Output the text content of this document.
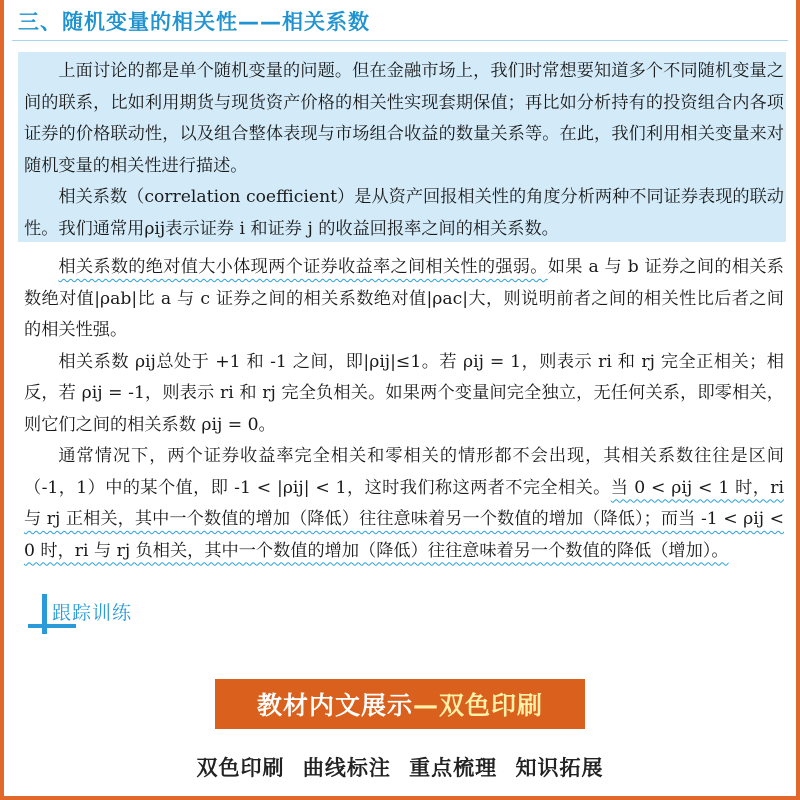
三、随机变量的相关性——相关系数

上面讨论的都是单个随机变量的问题。但在金融市场上，我们时常想要知道多个不同随机变量之间的联系，比如利用期货与现货资产价格的相关性实现套期保值；再比如分析持有的投资组合内各项证券的价格联动性，以及组合整体表现与市场组合收益的数量关系等。在此，我们利用相关变量来对随机变量的相关性进行描述。

相关系数（correlation coefficient）是从资产回报相关性的角度分析两种不同证券表现的联动性。我们通常用ρij表示证券 i 和证券 j 的收益回报率之间的相关系数。

相关系数的绝对值大小体现两个证券收益率之间相关性的强弱。如果 a 与 b 证券之间的相关系数绝对值|ρab|比 a 与 c 证券之间的相关系数绝对值|ρac|大，则说明前者之间的相关性比后者之间的相关性强。

相关系数 ρij总处于 +1 和 -1 之间，即|ρij|≤1。若 ρij = 1，则表示 ri 和 rj 完全正相关；相反，若 ρij = -1，则表示 ri 和 rj 完全负相关。如果两个变量间完全独立，无任何关系，即零相关，则它们之间的相关系数 ρij = 0。

通常情况下，两个证券收益率完全相关和零相关的情形都不会出现，其相关系数往往是区间（-1，1）中的某个值，即 -1 < |ρij| < 1，这时我们称这两者不完全相关。当 0 < ρij < 1 时，ri 与 rj 正相关，其中一个数值的增加（降低）往往意味着另一个数值的增加（降低）；而当 -1 < ρij < 0 时，ri 与 rj 负相关，其中一个数值的增加（降低）往往意味着另一个数值的降低（增加）。

跟踪训练
教材内文展示 —双色印刷
双色印刷 曲线标注 重点梳理 知识拓展
